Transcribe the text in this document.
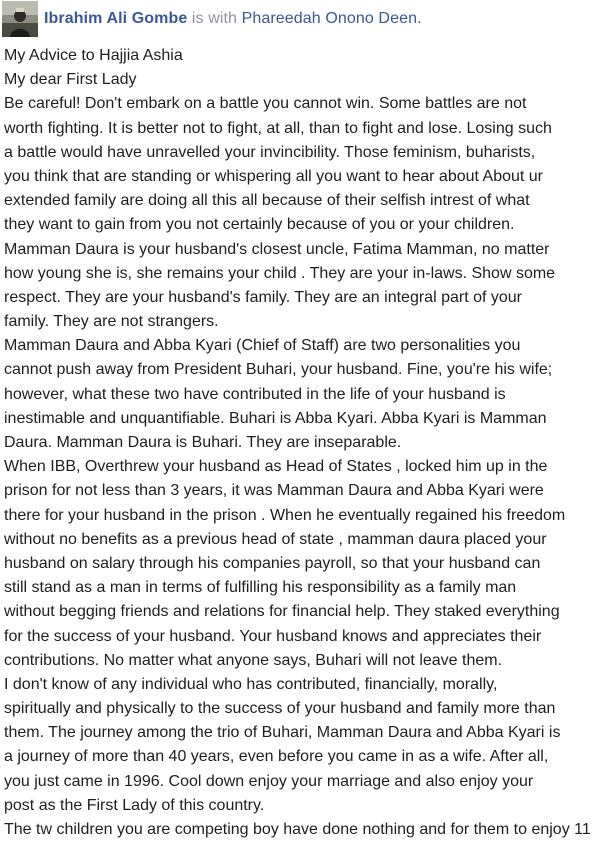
Ibrahim Ali Gombe is with Phareedah Onono Deen.
My Advice to Hajjia Ashia
My dear First Lady
Be careful! Don't embark on a battle you cannot win. Some battles are not
worth fighting. It is better not to fight, at all, than to fight and lose. Losing such
a battle would have unravelled your invincibility. Those feminism, buharists,
you think that are standing or whispering all you want to hear about About ur
extended family are doing all this all because of their selfish intrest of what
they want to gain from you not certainly because of you or your children.
Mamman Daura is your husband's closest uncle, Fatima Mamman, no matter
how young she is, she remains your child . They are your in-laws. Show some
respect. They are your husband's family. They are an integral part of your
family. They are not strangers.
Mamman Daura and Abba Kyari (Chief of Staff) are two personalities you
cannot push away from President Buhari, your husband. Fine, you're his wife;
however, what these two have contributed in the life of your husband is
inestimable and unquantifiable. Buhari is Abba Kyari. Abba Kyari is Mamman
Daura. Mamman Daura is Buhari. They are inseparable.
When IBB, Overthrew your husband as Head of States , locked him up in the
prison for not less than 3 years, it was Mamman Daura and Abba Kyari were
there for your husband in the prison . When he eventually regained his freedom
without no benefits as a previous head of state , mamman daura placed your
husband on salary through his companies payroll, so that your husband can
still stand as a man in terms of fulfilling his responsibility as a family man
without begging friends and relations for financial help. They staked everything
for the success of your husband. Your husband knows and appreciates their
contributions. No matter what anyone says, Buhari will not leave them.
I don't know of any individual who has contributed, financially, morally,
spiritually and physically to the success of your husband and family more than
them. The journey among the trio of Buhari, Mamman Daura and Abba Kyari is
a journey of more than 40 years, even before you came in as a wife. After all,
you just came in 1996. Cool down enjoy your marriage and also enjoy your
post as the First Lady of this country.
The tw children you are competing boy have done nothing and for them to enjoy 11
